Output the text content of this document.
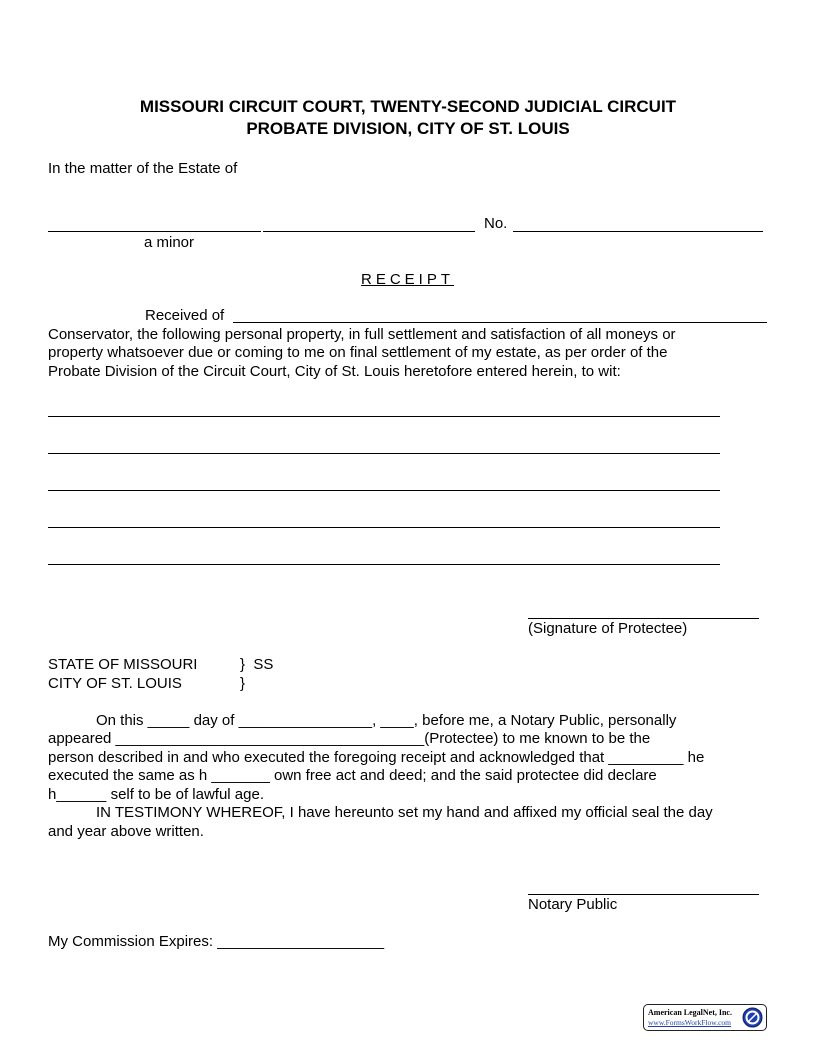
MISSOURI CIRCUIT COURT, TWENTY-SECOND JUDICIAL CIRCUIT
PROBATE DIVISION, CITY OF ST. LOUIS
In the matter of the Estate of
No.
a minor
RECEIPT
Received of
Conservator, the following personal property, in full settlement and satisfaction of all moneys or
property whatsoever due or coming to me on final settlement of my estate, as per order of the
Probate Division of the Circuit Court, City of St. Louis heretofore entered herein, to wit:
(Signature of Protectee)
STATE OF MISSOURI	}  SS
CITY OF ST. LOUIS	}
On this _____ day of ________________, ____, before me, a Notary Public, personally
appeared _____________________________________(Protectee) to me known to be the
person described in and who executed the foregoing receipt and acknowledged that _________ he
executed the same as h _______ own free act and deed; and the said protectee did declare
h______ self to be of lawful age.
IN TESTIMONY WHEREOF, I have hereunto set my hand and affixed my official seal the day
and year above written.
Notary Public
My Commission Expires: ____________________
American LegalNet, Inc.
www.FormsWorkFlow.com
